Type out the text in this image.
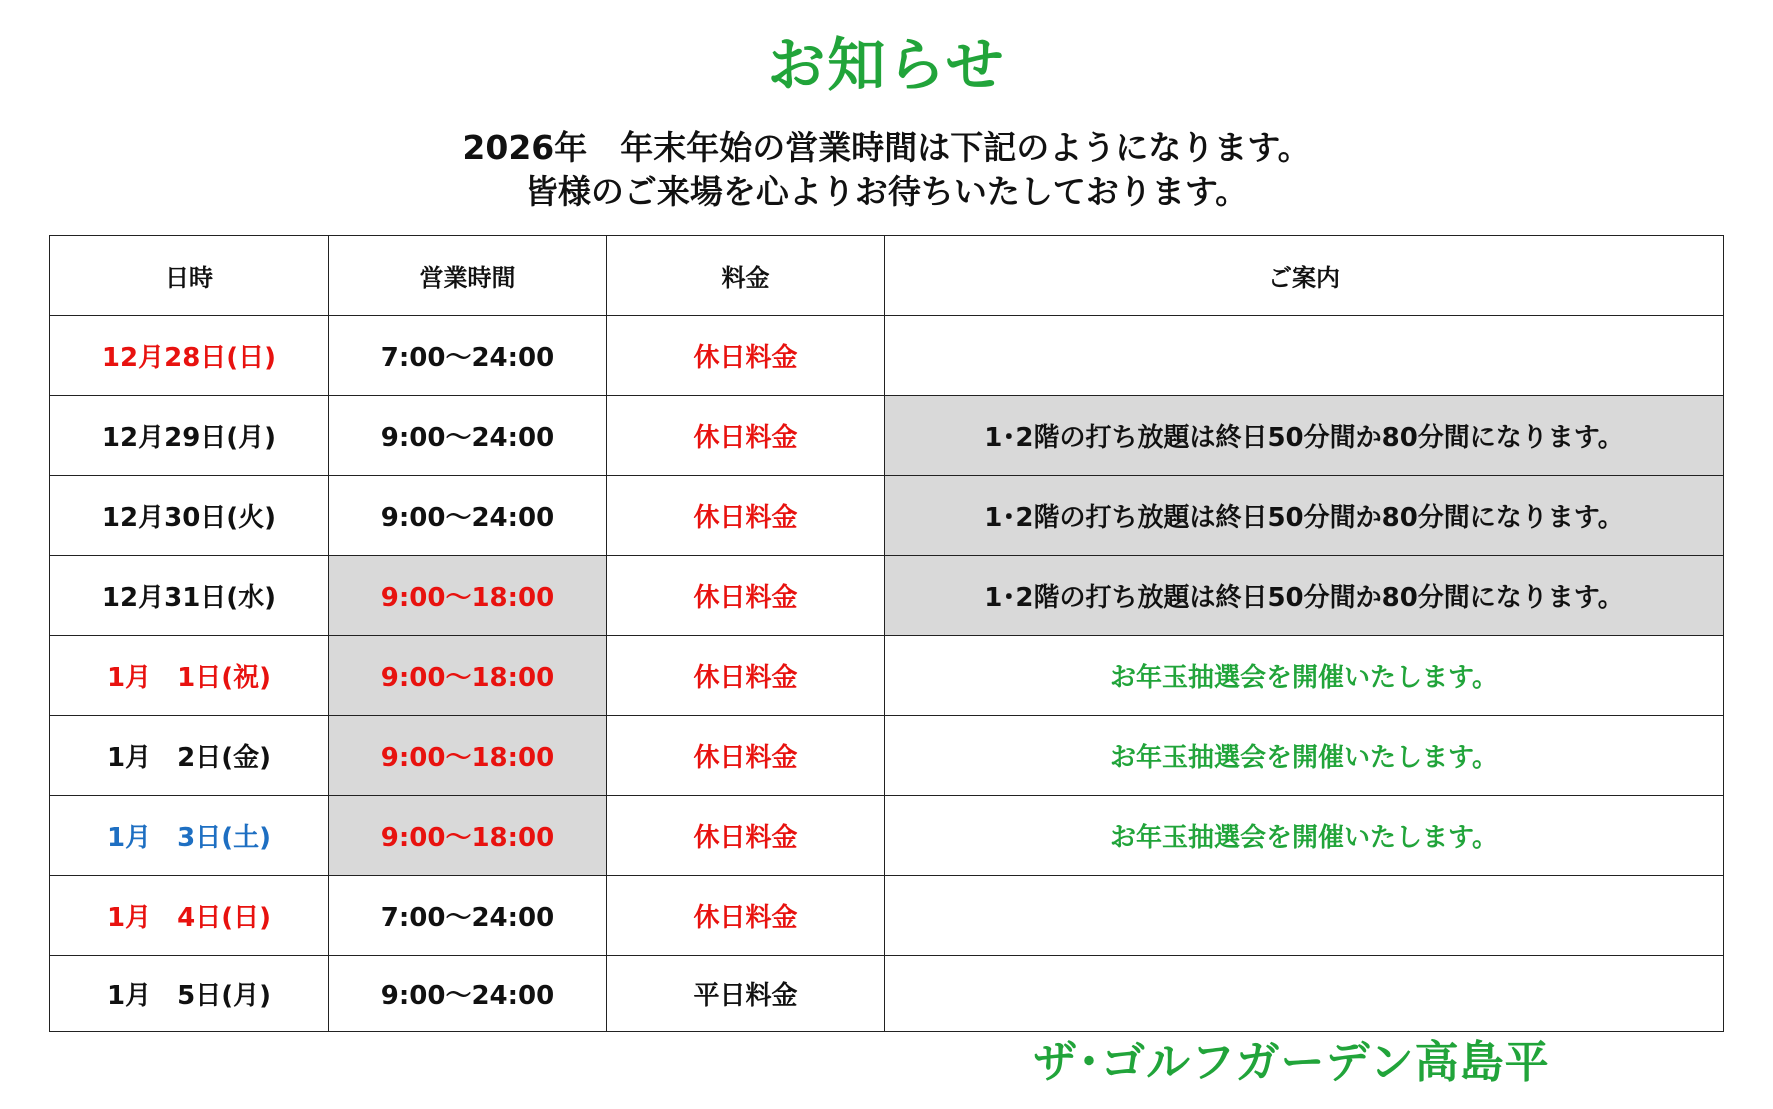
お知らせ
2026年　年末年始の営業時間は下記のようになります。
皆様のご来場を心よりお待ちいたしております。
日時	営業時間	料金	ご案内
12月28日(日)	7:00～24:00	休日料金	
12月29日(月)	9:00～24:00	休日料金	1･2階の打ち放題は終日50分間か80分間になります。
12月30日(火)	9:00～24:00	休日料金	1･2階の打ち放題は終日50分間か80分間になります。
12月31日(水)	9:00～18:00	休日料金	1･2階の打ち放題は終日50分間か80分間になります。
1月　1日(祝)	9:00～18:00	休日料金	お年玉抽選会を開催いたします。
1月　2日(金)	9:00～18:00	休日料金	お年玉抽選会を開催いたします。
1月　3日(土)	9:00～18:00	休日料金	お年玉抽選会を開催いたします。
1月　4日(日)	7:00～24:00	休日料金	
1月　5日(月)	9:00～24:00	平日料金	
ザ･ゴルフガーデン高島平
